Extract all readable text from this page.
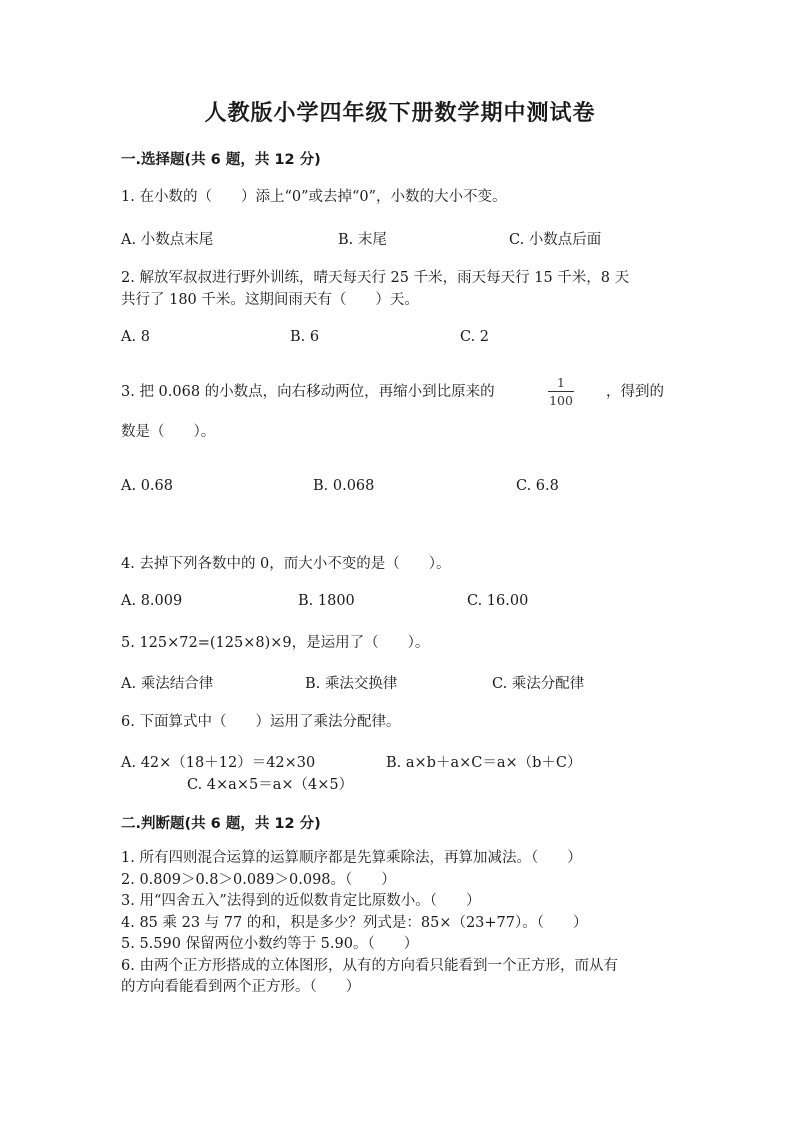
人教版小学四年级下册数学期中测试卷
一.选择题(共 6 题，共 12 分)
1. 在小数的（　　）添上“0”或去掉“0”，小数的大小不变。
A. 小数点末尾	B. 末尾	C. 小数点后面
2. 解放军叔叔进行野外训练，晴天每天行 25 千米，雨天每天行 15 千米，8 天
共行了 180 千米。这期间雨天有（　　）天。
A. 8	B. 6	C. 2
3. 把 0.068 的小数点，向右移动两位，再缩小到比原来的
1
100
，得到的
数是（　　）。
A. 0.68	B. 0.068	C. 6.8
4. 去掉下列各数中的 0，而大小不变的是（　　）。
A. 8.009	B. 1800	C. 16.00
5. 125×72=(125×8)×9，是运用了（　　）。
A. 乘法结合律	B. 乘法交换律	C. 乘法分配律
6. 下面算式中（　　）运用了乘法分配律。
A. 42×（18＋12）＝42×30	B. a×b＋a×C＝a×（b＋C）
C. 4×a×5＝a×（4×5）
二.判断题(共 6 题，共 12 分)
1. 所有四则混合运算的运算顺序都是先算乘除法，再算加减法。（　　）
2. 0.809＞0.8＞0.089＞0.098。（　　）
3. 用“四舍五入”法得到的近似数肯定比原数小。（　　）
4. 85 乘 23 与 77 的和，积是多少？列式是：85×（23+77）。（　　）
5. 5.590 保留两位小数约等于 5.90。（　　）
6. 由两个正方形搭成的立体图形，从有的方向看只能看到一个正方形，而从有
的方向看能看到两个正方形。（　　）
